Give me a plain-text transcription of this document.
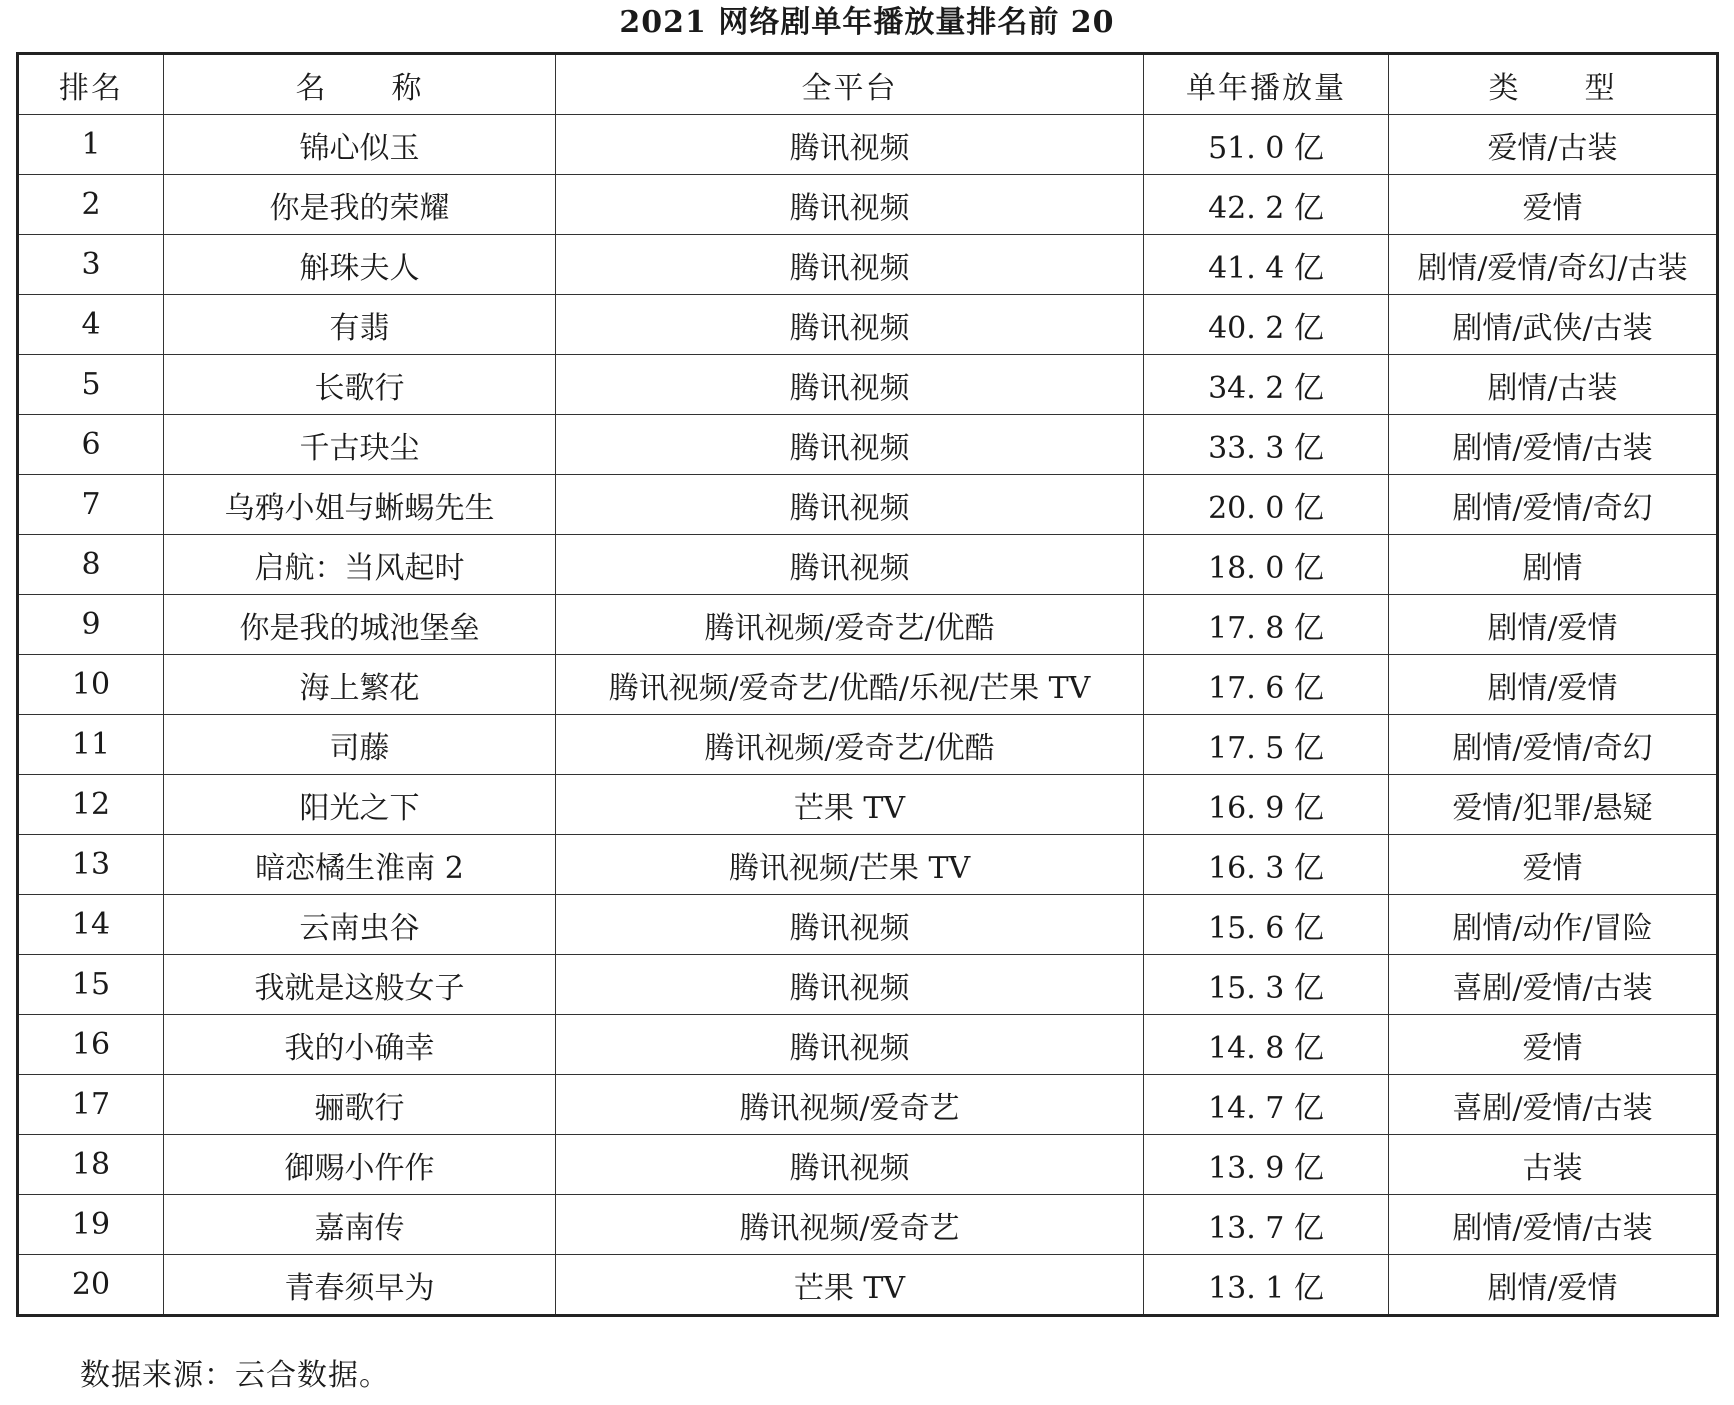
2021 网络剧单年播放量排名前 20
排名	名　　称	全平台	单年播放量	类　　型
1	锦心似玉	腾讯视频	51. 0 亿	爱情/古装
2	你是我的荣耀	腾讯视频	42. 2 亿	爱情
3	斛珠夫人	腾讯视频	41. 4 亿	剧情/爱情/奇幻/古装
4	有翡	腾讯视频	40. 2 亿	剧情/武侠/古装
5	长歌行	腾讯视频	34. 2 亿	剧情/古装
6	千古玦尘	腾讯视频	33. 3 亿	剧情/爱情/古装
7	乌鸦小姐与蜥蜴先生	腾讯视频	20. 0 亿	剧情/爱情/奇幻
8	启航：当风起时	腾讯视频	18. 0 亿	剧情
9	你是我的城池堡垒	腾讯视频/爱奇艺/优酷	17. 8 亿	剧情/爱情
10	海上繁花	腾讯视频/爱奇艺/优酷/乐视/芒果 TV	17. 6 亿	剧情/爱情
11	司藤	腾讯视频/爱奇艺/优酷	17. 5 亿	剧情/爱情/奇幻
12	阳光之下	芒果 TV	16. 9 亿	爱情/犯罪/悬疑
13	暗恋橘生淮南 2	腾讯视频/芒果 TV	16. 3 亿	爱情
14	云南虫谷	腾讯视频	15. 6 亿	剧情/动作/冒险
15	我就是这般女子	腾讯视频	15. 3 亿	喜剧/爱情/古装
16	我的小确幸	腾讯视频	14. 8 亿	爱情
17	骊歌行	腾讯视频/爱奇艺	14. 7 亿	喜剧/爱情/古装
18	御赐小仵作	腾讯视频	13. 9 亿	古装
19	嘉南传	腾讯视频/爱奇艺	13. 7 亿	剧情/爱情/古装
20	青春须早为	芒果 TV	13. 1 亿	剧情/爱情
数据来源：云合数据。
